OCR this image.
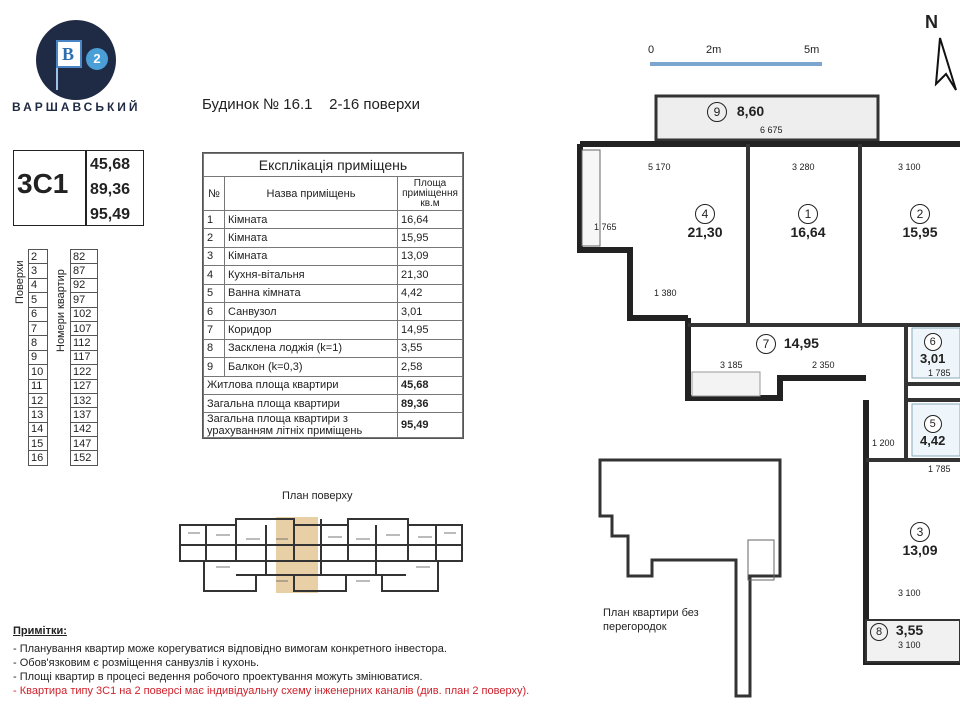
В	2
ВАРШАВСЬКИЙ	Будинок № 16.1 2-16 поверхи
3С1
45,68
89,36
95,49
Поверхи	Номери квартир
2		82
3		87
4		92
5		97
6		102
7		107
8		112
9		117
10		122
11		127
12		132
13		137
14		142
15		147
16		152
Експлікація приміщень		
№	Назва приміщень	Площа приміщення кв.м
1	Кімната	16,64
2	Кімната	15,95
3	Кімната	13,09
4	Кухня-вітальня	21,30
5	Ванна кімната	4,42
6	Санвузол	3,01
7	Коридор	14,95
8	Засклена лоджія (k=1)	3,55
9	Балкон (k=0,3)	2,58
Житлова площа квартири		45,68
Загальна площа квартири		89,36
Загальна площа квартири з урахуванням літніх приміщень		95,49
План поверху
Примітки:
- Планування квартир може корегуватися відповідно вимогам конкретного інвестора.
- Обов'язковим є розміщення санвузлів і кухонь.
- Площі квартир в процесі ведення робочого проектування можуть змінюватися.
- Квартира типу 3С1 на 2 поверсі має індивідуальну схему інженерних каналів (див. план 2 поверху).
0	2m	5m
N
9 8,60
6 675
4
21,30
5 170
1 765
1 380
1
16,64
3 280
2
15,95
3 100
7 14,95
3 185	2 350
6
3,01
1 785
5
4,42
1 200
1 785
3
13,09
3 100
8 3,55
3 100
План квартири без перегородок
